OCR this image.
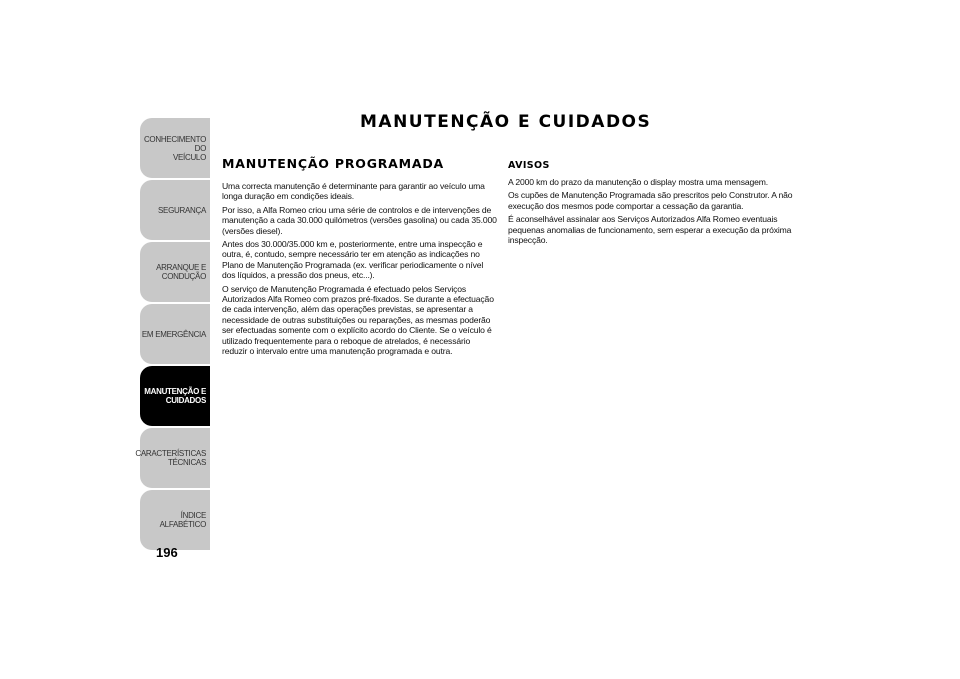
CONHECIMENTO DO
VEÍCULO
SEGURANÇA
ARRANQUE E
CONDUÇÃO
EM EMERGÊNCIA
MANUTENÇÃO E
CUIDADOS
CARACTERÍSTICAS
TÉCNICAS
ÍNDICE ALFABÉTICO
196
MANUTENÇÃO E CUIDADOS
MANUTENÇÃO PROGRAMADA

Uma correcta manutenção é determinante para garantir ao veículo uma longa duração em condições ideais.

Por isso, a Alfa Romeo criou uma série de controlos e de intervenções de manutenção a cada 30.000 quilómetros (versões gasolina) ou cada 35.000 (versões diesel).

Antes dos 30.000/35.000 km e, posteriormente, entre uma inspecção e outra, é, contudo, sempre necessário ter em atenção as indicações no Plano de Manutenção Programada (ex. verificar periodicamente o nível dos líquidos, a pressão dos pneus, etc...).

O serviço de Manutenção Programada é efectuado pelos Serviços Autorizados Alfa Romeo com prazos pré-fixados. Se durante a efectuação de cada intervenção, além das operações previstas, se apresentar a necessidade de outras substituições ou reparações, as mesmas poderão ser efectuadas somente com o explícito acordo do Cliente. Se o veículo é utilizado frequentemente para o reboque de atrelados, é necessário reduzir o intervalo entre uma manutenção programada e outra.

AVISOS

A 2000 km do prazo da manutenção o display mostra uma mensagem.

Os cupões de Manutenção Programada são prescritos pelo Construtor. A não execução dos mesmos pode comportar a cessação da garantia.

É aconselhável assinalar aos Serviços Autorizados Alfa Romeo eventuais pequenas anomalias de funcionamento, sem esperar a execução da próxima inspecção.
